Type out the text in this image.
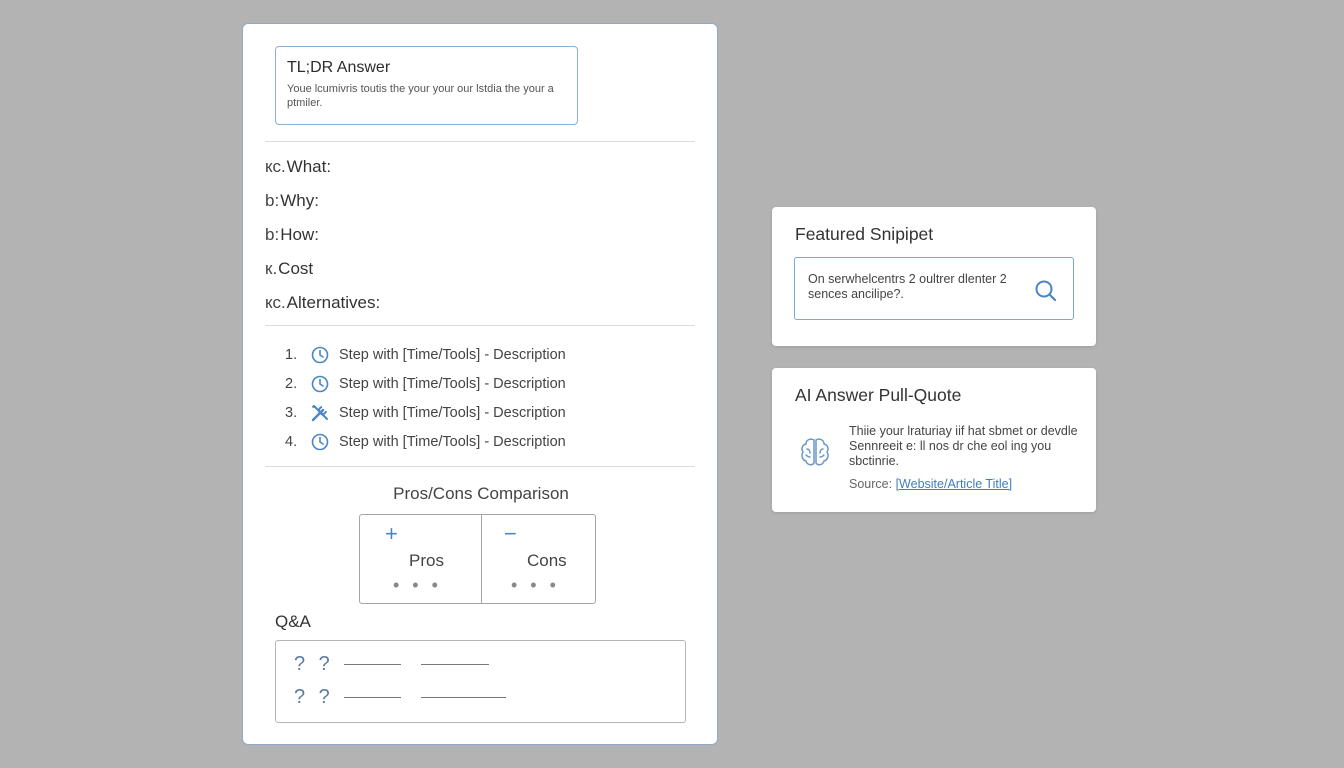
TL;DR Answer
Youe lcumivris toutis the your your our lstdia the your a ptmiler.
кc. What:
b: Why:
b: How:
к. Cost
кc. Alternatives:
1.	Step with [Time/Tools] - Description
2.	Step with [Time/Tools] - Description
3.	Step with [Time/Tools] - Description
4.	Step with [Time/Tools] - Description
Pros/Cons Comparison
+
Pros
• • •
−
Cons
• • •
Q&A
? ?
? ?
Featured Snipipet
On serwhelcentrs 2 oultrer dlenter 2 sences ancilipe?.
AI Answer Pull-Quote
Thiie your lraturiay iif hat sbmet or devdle Sennreeit e: ll nos dr che eol ing you sbctinrie.
Source: [Website/Article Title]
